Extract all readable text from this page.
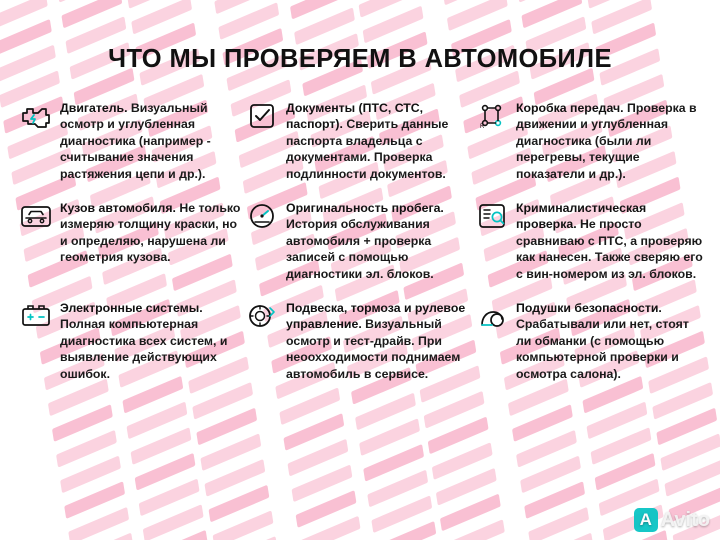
ЧТО МЫ ПРОВЕРЯЕМ В АВТОМОБИЛЕ
Двигатель. Визуальный осмотр и углубленная диагностика (например - считывание значения растяжения цепи и др.).
Документы (ПТС, СТС, паспорт). Сверить данные паспорта владельца с документами. Проверка подлинности документов.
R
Коробка передач. Проверка в движении и углубленная диагностика (были ли перегревы, текущие показатели и др.).
Кузов автомобиля. Не только измеряю толщину краски, но и определяю, нарушена ли геометрия кузова.
Оригинальность пробега. История обслуживания автомобиля + проверка записей с помощью диагностики эл. блоков.
Криминалистическая проверка. Не просто сравниваю с ПТС, а проверяю как нанесен. Также сверяю его с вин-номером из эл. блоков.
Электронные системы. Полная компьютерная диагностика всех систем, и выявление действующих ошибок.
Подвеска, тормоза и рулевое управление. Визуальный осмотр и тест-драйв. При неоохходимости поднимаем автомобиль в сервисе.
Подушки безопасности. Срабатывали или нет, стоят ли обманки (с помощью компьютерной проверки и осмотра салона).
A Avito
